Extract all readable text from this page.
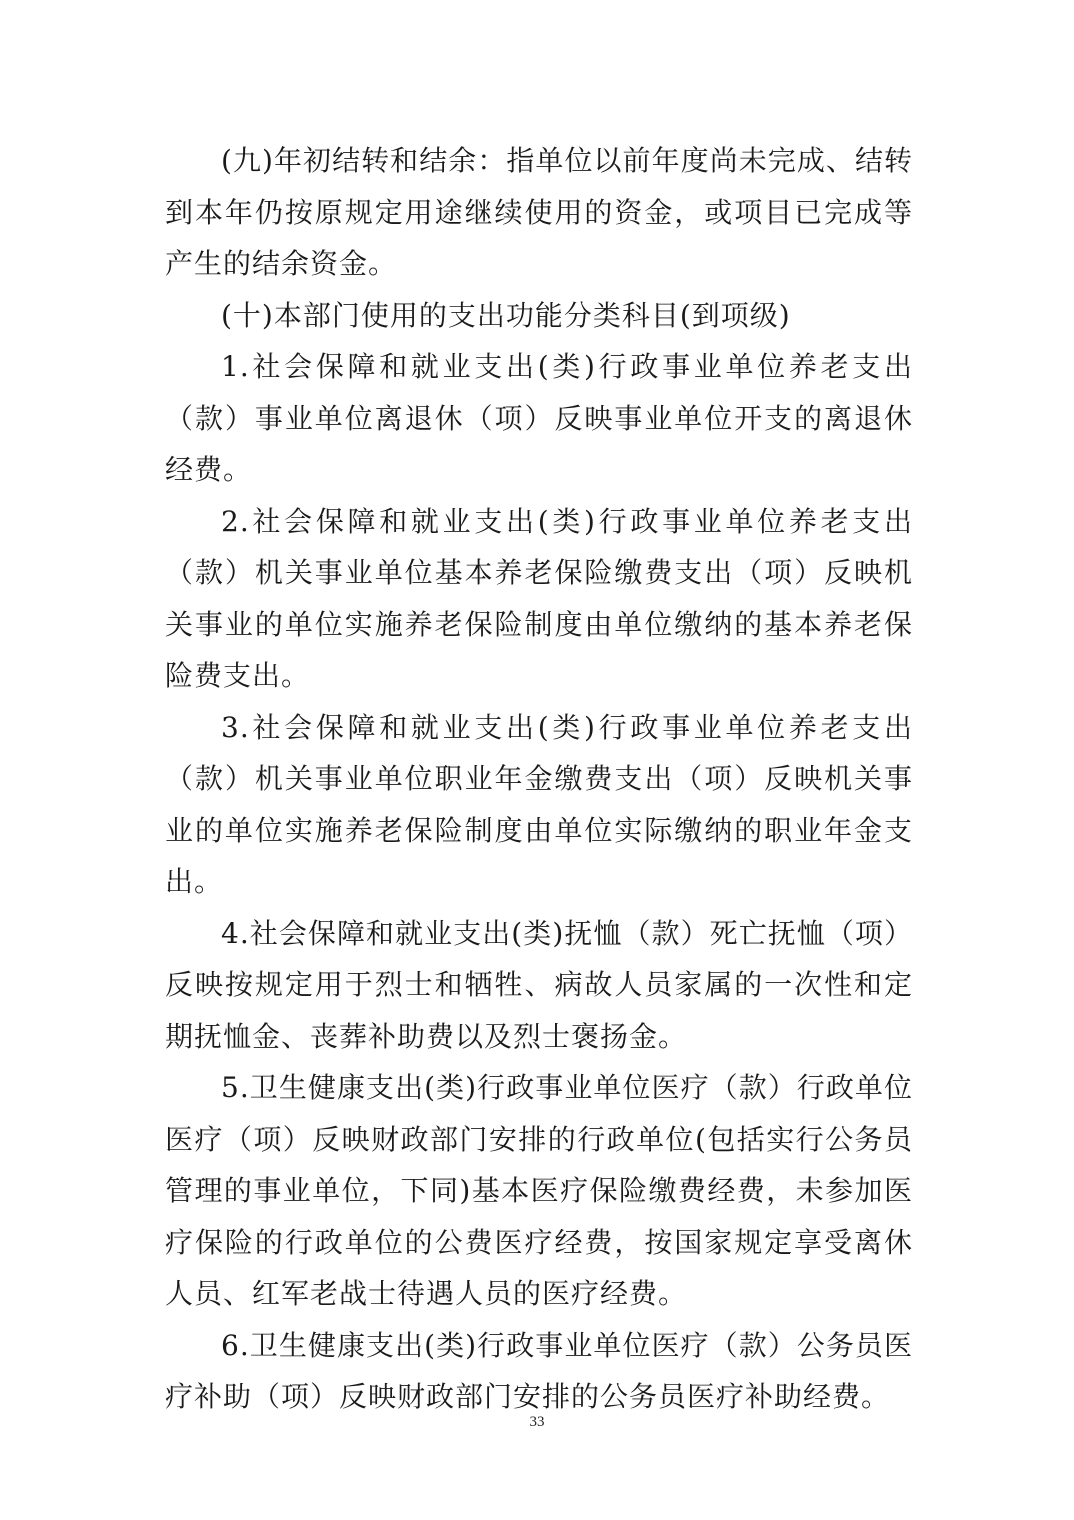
(九)年初结转和结余：指单位以前年度尚未完成、结转到本年仍按原规定用途继续使用的资金，或项目已完成等产生的结余资金。

(十)本部门使用的支出功能分类科目(到项级)

1.社会保障和就业支出(类)行政事业单位养老支出（款）事业单位离退休（项）反映事业单位开支的离退休经费。

2.社会保障和就业支出(类)行政事业单位养老支出（款）机关事业单位基本养老保险缴费支出（项）反映机关事业的单位实施养老保险制度由单位缴纳的基本养老保险费支出。

3.社会保障和就业支出(类)行政事业单位养老支出（款）机关事业单位职业年金缴费支出（项）反映机关事业的单位实施养老保险制度由单位实际缴纳的职业年金支出。

4.社会保障和就业支出(类)抚恤（款）死亡抚恤（项）反映按规定用于烈士和牺牲、病故人员家属的一次性和定期抚恤金、丧葬补助费以及烈士褒扬金。

5.卫生健康支出(类)行政事业单位医疗（款）行政单位医疗（项）反映财政部门安排的行政单位(包括实行公务员管理的事业单位，下同)基本医疗保险缴费经费，未参加医疗保险的行政单位的公费医疗经费，按国家规定享受离休人员、红军老战士待遇人员的医疗经费。

6.卫生健康支出(类)行政事业单位医疗（款）公务员医疗补助（项）反映财政部门安排的公务员医疗补助经费。

33
